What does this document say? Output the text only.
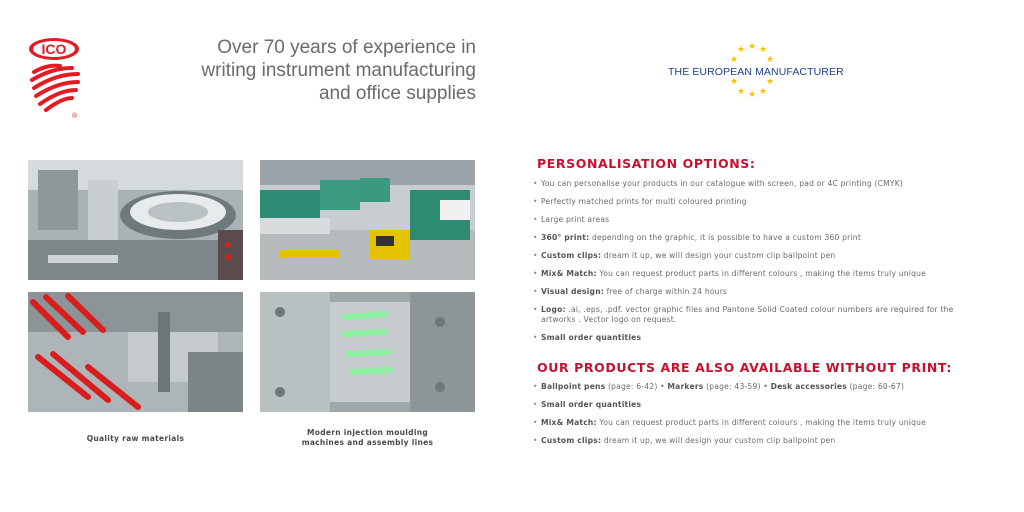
ICO
®
Over 70 years of experience in
writing instrument manufacturing
and office supplies
★ ★
★
★	★
★	★
★ ★
★
THE EUROPEAN MANUFACTURER
Quality raw materials
Modern injection moulding
machines and assembly lines
PERSONALISATION OPTIONS:
• You can personalise your products in our catalogue with screen, pad or 4C printing (CMYK)
• Perfectly matched prints for multi coloured printing
• Large print areas
• 360° print: depending on the graphic, it is possible to have a custom 360 print
• Custom clips: dream it up, we will design your custom clip ballpoint pen
• Mix& Match: You can request product parts in different colours , making the items truly unique
• Visual design: free of charge within 24 hours
• Logo: .ai, .eps, .pdf. vector graphic files and Pantone Solid Coated colour numbers are required for the artworks . Vector logo on request.
• Small order quantities
OUR PRODUCTS ARE ALSO AVAILABLE WITHOUT PRINT:
• Ballpoint pens (page: 6-42) • Markers (page: 43-59) • Desk accessories (page: 60-67)
• Small order quantities
• Mix& Match: You can request product parts in different colours , making the items truly unique
• Custom clips: dream it up, we will design your custom clip ballpoint pen
